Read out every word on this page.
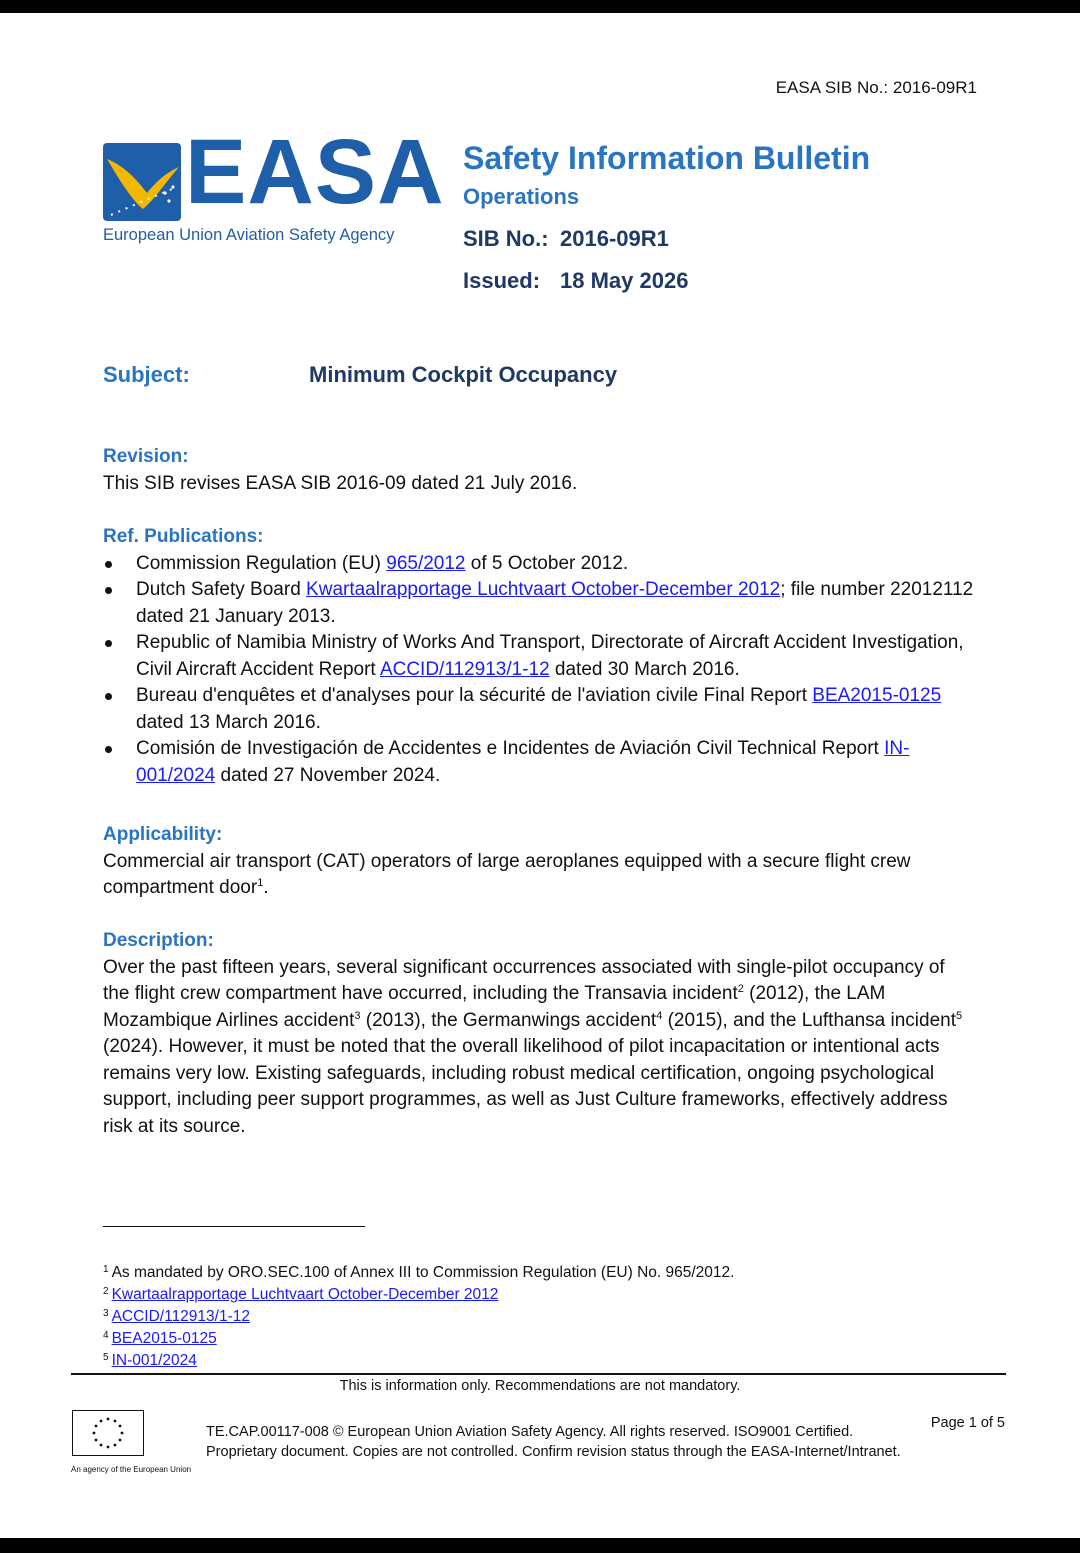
EASA SIB No.: 2016-09R1
EASA
European Union Aviation Safety Agency
Safety Information Bulletin
Operations
SIB No.: 2016-09R1
Issued: 18 May 2026
Subject:	Minimum Cockpit Occupancy
Revision:

This SIB revises EASA SIB 2016-09 dated 21 July 2016.

Ref. Publications:
Commission Regulation (EU) 965/2012 of 5 October 2012.
Dutch Safety Board Kwartaalrapportage Luchtvaart October-December 2012; file number 22012112 dated 21 January 2013.
Republic of Namibia Ministry of Works And Transport, Directorate of Aircraft Accident Investigation, Civil Aircraft Accident Report ACCID/112913/1-12 dated 30 March 2016.
Bureau d'enquêtes et d'analyses pour la sécurité de l'aviation civile Final Report BEA2015-0125 dated 13 March 2016.
Comisión de Investigación de Accidentes e Incidentes de Aviación Civil Technical Report IN-001/2024 dated 27 November 2024.
Applicability:

Commercial air transport (CAT) operators of large aeroplanes equipped with a secure flight crew compartment door$^1$.

Description:

Over the past fifteen years, several significant occurrences associated with single-pilot occupancy of the flight crew compartment have occurred, including the Transavia incident$^2$ (2012), the LAM Mozambique Airlines accident$^3$ (2013), the Germanwings accident$^4$ (2015), and the Lufthansa incident$^5$ (2024). However, it must be noted that the overall likelihood of pilot incapacitation or intentional acts remains very low. Existing safeguards, including robust medical certification, ongoing psychological support, including peer support programmes, as well as Just Culture frameworks, effectively address risk at its source.

$^1$ As mandated by ORO.SEC.100 of Annex III to Commission Regulation (EU) No. 965/2012.
$^2$ Kwartaalrapportage Luchtvaart October-December 2012
$^3$ ACCID/112913/1-12
$^4$ BEA2015-0125
$^5$ IN-001/2024
This is information only. Recommendations are not mandatory.
An agency of the European Union
TE.CAP.00117-008 © European Union Aviation Safety Agency. All rights reserved. ISO9001 Certified.
Proprietary document. Copies are not controlled. Confirm revision status through the EASA-Internet/Intranet.
Page 1 of 5
